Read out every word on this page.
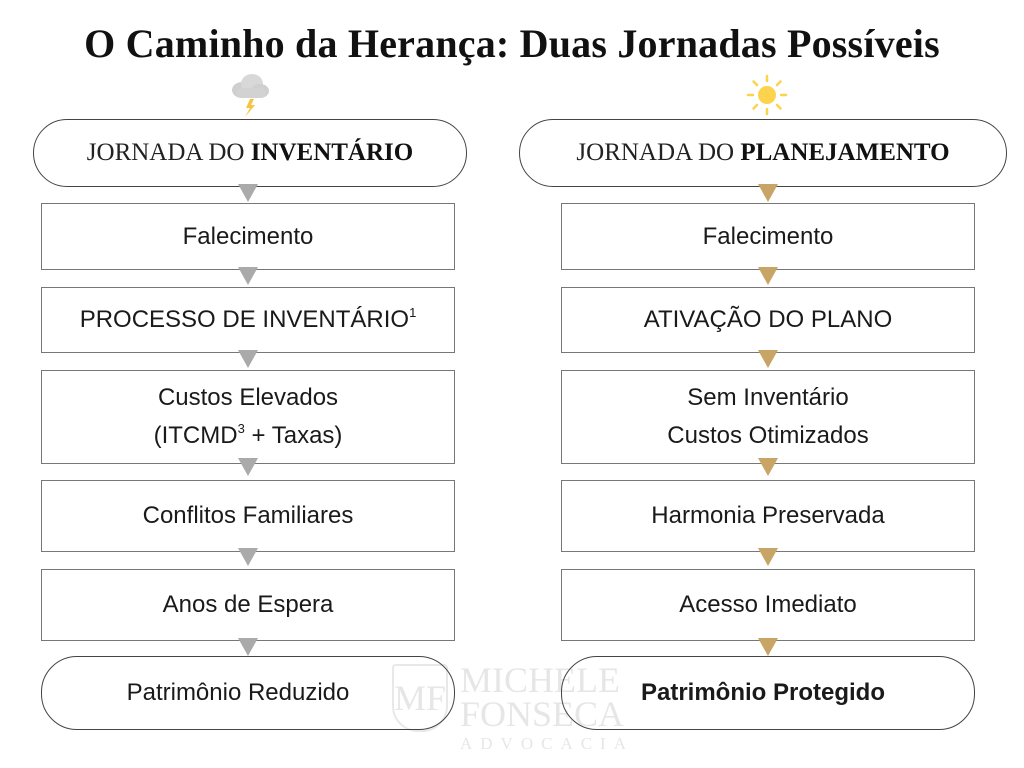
O Caminho da Herança: Duas Jornadas Possíveis
MF MICHELE
FONSECA
ADVOCACIA
JORNADA DO INVENTÁRIO
Falecimento
PROCESSO DE INVENTÁRIO$^1$
Custos Elevados
($ITCMD^3$ + Taxas)
Conflitos Familiares
Anos de Espera
Patrimônio Reduzido
JORNADA DO PLANEJAMENTO
Falecimento
ATIVAÇÃO DO PLANO
Sem Inventário
Custos Otimizados
Harmonia Preservada
Acesso Imediato
Patrimônio Protegido
